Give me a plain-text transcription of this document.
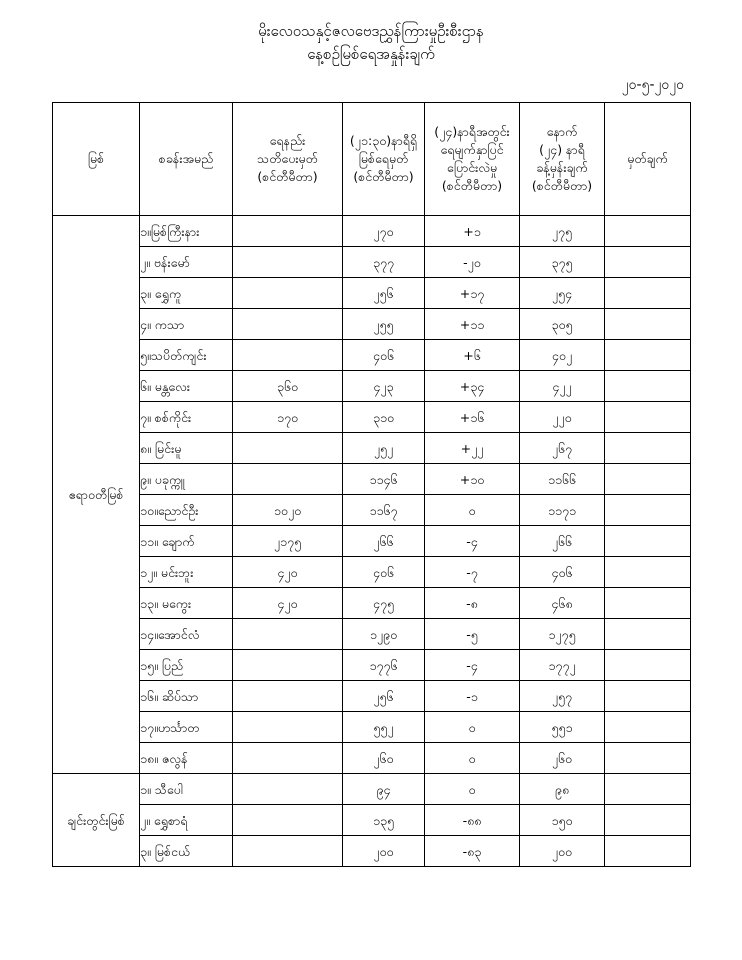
မိုးလေဝသနှင့်ဇလဗေဒညွှန်ကြားမှုဦးစီးဌာန
နေ့စဉ်မြစ်ရေအနှုန်းချက်
၂၀-၅-၂၀၂၀
မြစ်	စခန်းအမည်	ရေနည်း
သတိပေးမှတ်
(စင်တီမီတာ)	(၂၁:၃၀)နာရီရှိ
မြစ်ရေမှတ်
(စင်တီမီတာ)	(၂၄)နာရီအတွင်း
ရေမျက်နှာပြင်
ပြောင်းလဲမှု
(စင်တီမီတာ)	နောက်
(၂၄) နာရီ
ခန့်မှန်းချက်
(စင်တီမီတာ)	မှတ်ချက်

ဧရာဝတီမြစ်	၁။မြစ်ကြီးနား		၂၇၀	+၁	၂၇၅	
	၂။ ဗန်းမော်		၃၇၇	-၂၀	၃၇၅	
	၃။ ရွှေကူ		၂၅၆	+၁၇	၂၅၄	
	၄။ ကသာ		၂၅၅	+၁၁	၃၀၅	
	၅။သပိတ်ကျင်း		၄၀၆	+၆	၄၀၂	
	၆။ မန္တလေး	၃၆၀	၄၂၃	+၃၄	၄၂၂	
	၇။ စစ်ကိုင်း	၁၇၀	၃၁၀	+၁၆	၂၂၀	
	၈။ မြင်းမူ		၂၅၂	+၂၂	၂၆၇	
	၉။ ပခုက္ကူ		၁၁၄၆	+၁၀	၁၁၆၆	
	၁၀။ညောင်ဦး	၁၀၂၀	၁၁၆၇	၀	၁၁၇၁	
	၁၁။ ချောက်	၂၁၇၅	၂၆၆	-၄	၂၆၆	
	၁၂။ မင်းဘူး	၄၂၀	၄၀၆	-၇	၄၀၆	
	၁၃။ မကွေး	၄၂၀	၄၇၅	-၈	၄၆၈	
	၁၄။အောင်လံ		၁၂၉၀	-၅	၁၂၇၅	
	၁၅။ ပြည်		၁၇၇၆	-၄	၁၇၇၂	
	၁၆။ ဆိပ်သာ		၂၅၆	-၁	၂၅၇	
	၁၇။ဟင်္သာတ		၅၅၂	၀	၅၅၁	
	၁၈။ ဇလွန်		၂၆၀	၀	၂၆၀	
ချင်းတွင်းမြစ်	၁။ သီပေါ		၉၄	၀	၉၈	
	၂။ ရွှေစာရံ		၁၃၅	-၈၈	၁၅၀	
	၃။ မြစ်ငယ်		၂၀၀	-၈၃	၂၀၀	
